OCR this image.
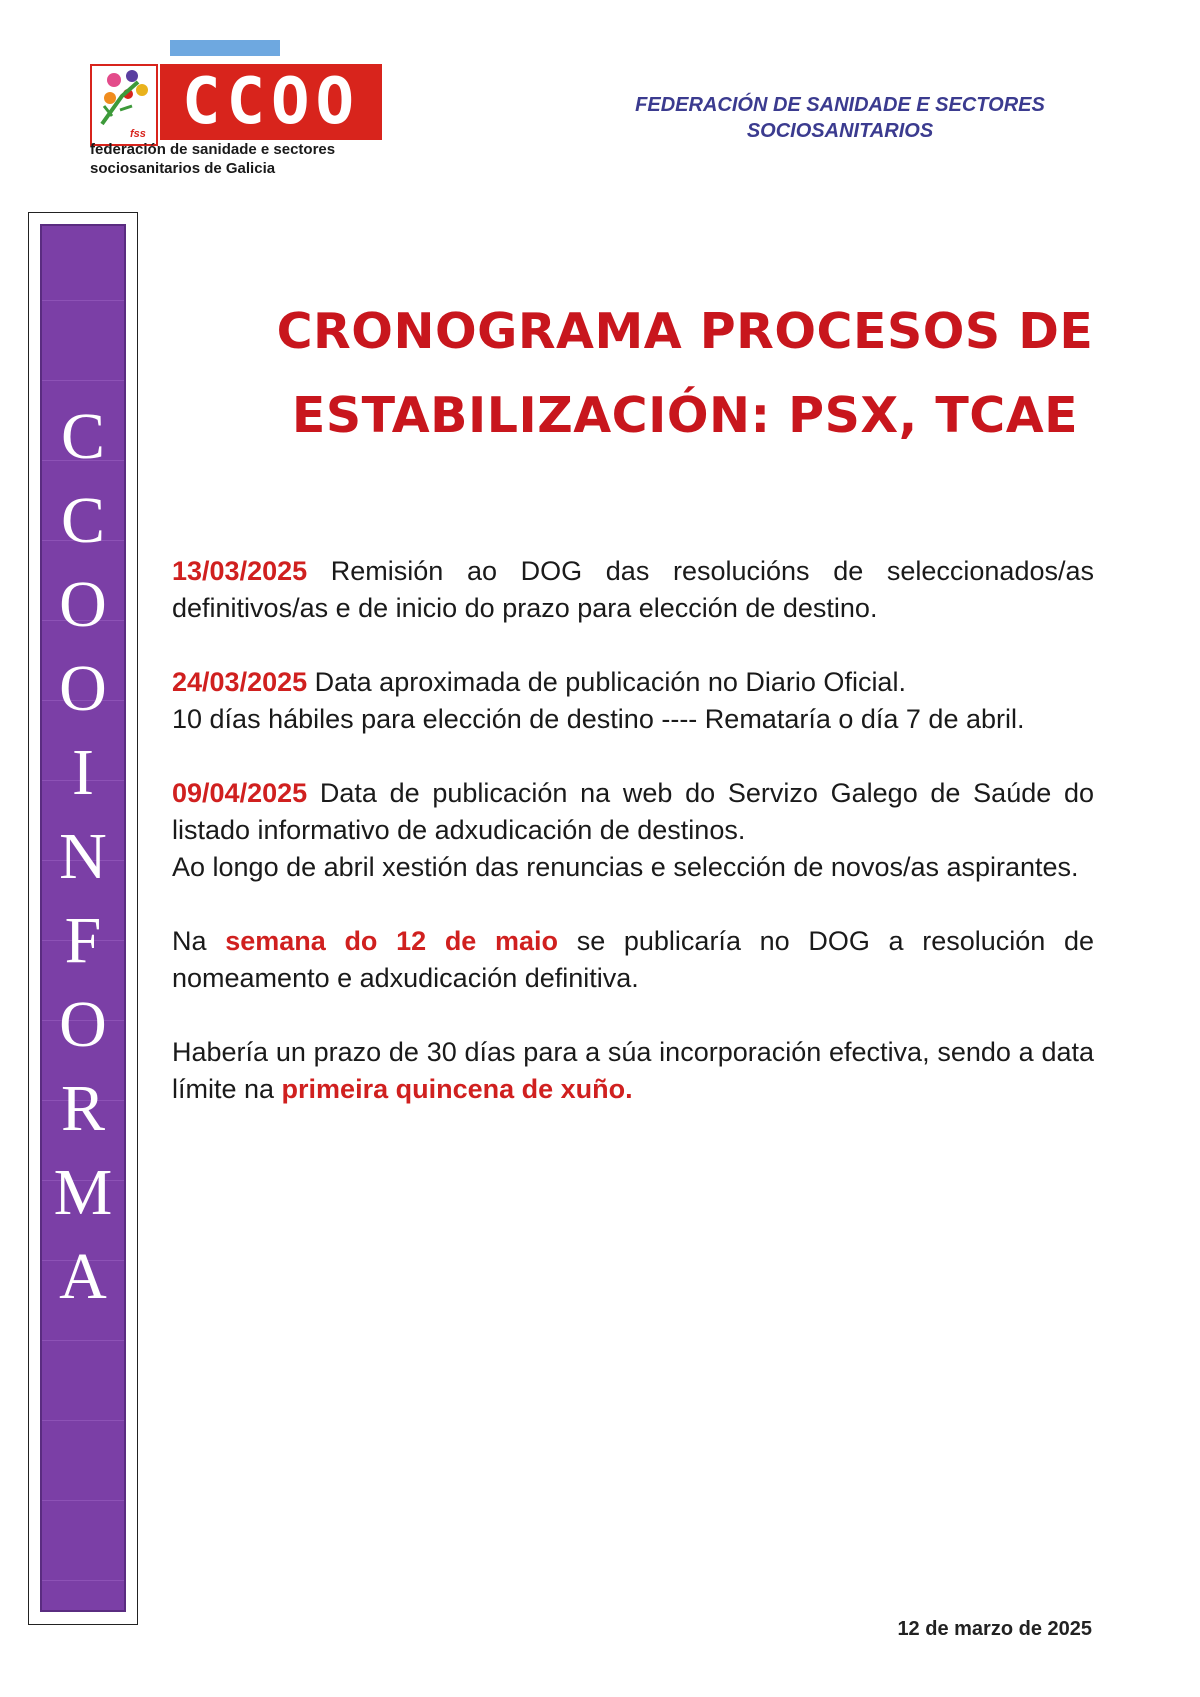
fss CCOO
federación de sanidade e sectores
sociosanitarios de Galicia
FEDERACIÓN DE SANIDADE E SECTORES
SOCIOSANITARIOS
C
C
O
O
I
N
F
O
R
M
A
CRONOGRAMA PROCESOS DE
ESTABILIZACIÓN: PSX, TCAE
13/03/2025 Remisión ao DOG das resolucións de seleccionados/as definitivos/as e de inicio do prazo para elección de destino.
24/03/2025 Data aproximada de publicación no Diario Oficial.
10 días hábiles para elección de destino ---- Remataría o día 7 de abril.
09/04/2025 Data de publicación na web do Servizo Galego de Saúde do listado informativo de adxudicación de destinos.
Ao longo de abril xestión das renuncias e selección de novos/as aspirantes.
Na semana do 12 de maio se publicaría no DOG a resolución de nomeamento e adxudicación definitiva.
Habería un prazo de 30 días para a súa incorporación efectiva, sendo a data límite na primeira quincena de xuño.
12 de marzo de 2025
